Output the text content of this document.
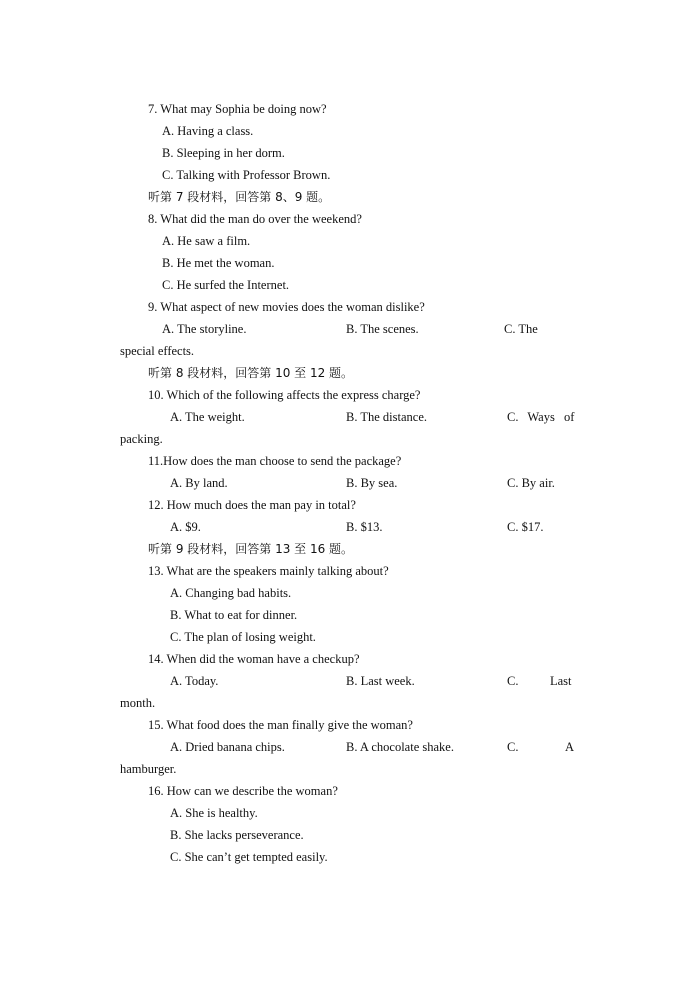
7. What may Sophia be doing now?
A. Having a class.
B. Sleeping in her dorm.
C. Talking with Professor Brown.
听第 7 段材料，回答第 8、9 题。
8. What did the man do over the weekend?
A. He saw a film.
B. He met the woman.
C. He surfed the Internet.
9. What aspect of new movies does the woman dislike?
A. The storyline.	B. The scenes.	C. The
special effects.
听第 8 段材料，回答第 10 至 12 题。
10. Which of the following affects the express charge?
A. The weight.	B. The distance.	C. Ways of
packing.
11.How does the man choose to send the package?
A. By land.	B. By sea.	C. By air.
12. How much does the man pay in total?
A. $9.	B. $13.	C. $17.
听第 9 段材料，回答第 13 至 16 题。
13. What are the speakers mainly talking about?
A. Changing bad habits.
B. What to eat for dinner.
C. The plan of losing weight.
14. When did the woman have a checkup?
A. Today.	B. Last week.	C.	Last
month.
15. What food does the man finally give the woman?
A. Dried banana chips.	B. A chocolate shake.	C.	A
hamburger.
16. How can we describe the woman?
A. She is healthy.
B. She lacks perseverance.
C. She can’t get tempted easily.
